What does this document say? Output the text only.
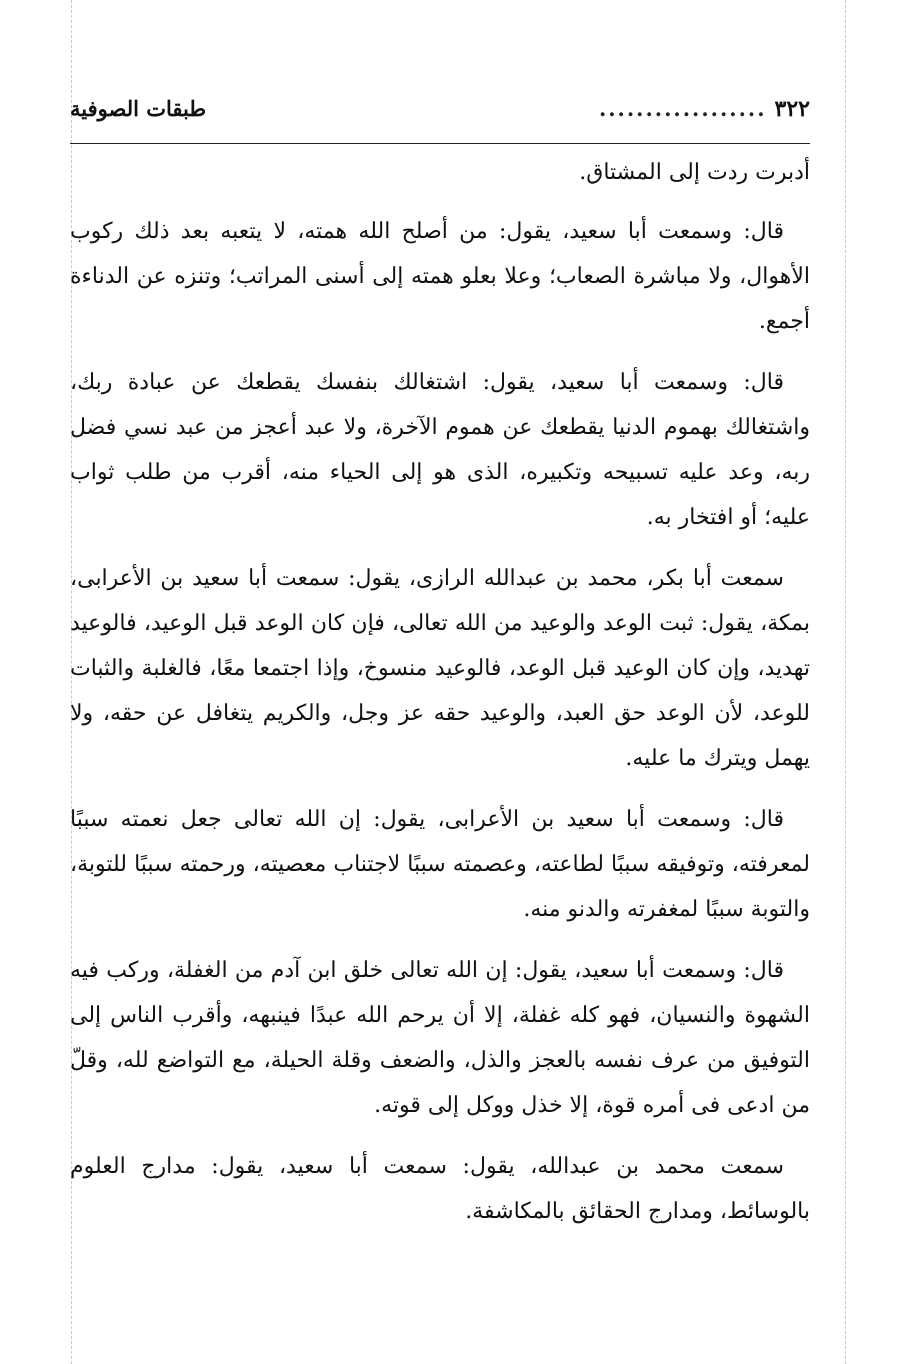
٣٢٢
..................
طبقات الصوفية

أدبرت ردت إلى المشتاق.

قال: وسمعت أبا سعيد، يقول: من أصلح الله همته، لا يتعبه بعد ذلك ركوب الأهوال، ولا مباشرة الصعاب؛ وعلا بعلو همته إلى أسنى المراتب؛ وتنزه عن الدناءة أجمع.

قال: وسمعت أبا سعيد، يقول: اشتغالك بنفسك يقطعك عن عبادة ربك، واشتغالك بهموم الدنيا يقطعك عن هموم الآخرة، ولا عبد أعجز من عبد نسي فضل ربه، وعد عليه تسبيحه وتكبيره، الذى هو إلى الحياء منه، أقرب من طلب ثواب عليه؛ أو افتخار به.

سمعت أبا بكر، محمد بن عبدالله الرازى، يقول: سمعت أبا سعيد بن الأعرابى، بمكة، يقول: ثبت الوعد والوعيد من الله تعالى، فإن كان الوعد قبل الوعيد، فالوعيد تهديد، وإن كان الوعيد قبل الوعد، فالوعيد منسوخ، وإذا اجتمعا معًا، فالغلبة والثبات للوعد، لأن الوعد حق العبد، والوعيد حقه عز وجل، والكريم يتغافل عن حقه، ولا يهمل ويترك ما عليه.

قال: وسمعت أبا سعيد بن الأعرابى، يقول: إن الله تعالى جعل نعمته سببًا لمعرفته، وتوفيقه سببًا لطاعته، وعصمته سببًا لاجتناب معصيته، ورحمته سببًا للتوبة، والتوبة سببًا لمغفرته والدنو منه.

قال: وسمعت أبا سعيد، يقول: إن الله تعالى خلق ابن آدم من الغفلة، وركب فيه الشهوة والنسيان، فهو كله غفلة، إلا أن يرحم الله عبدًا فينبهه، وأقرب الناس إلى التوفيق من عرف نفسه بالعجز والذل، والضعف وقلة الحيلة، مع التواضع لله، وقلّ من ادعى فى أمره قوة، إلا خذل ووكل إلى قوته.

سمعت محمد بن عبدالله، يقول: سمعت أبا سعيد، يقول: مدارج العلوم بالوسائط، ومدارج الحقائق بالمكاشفة.
